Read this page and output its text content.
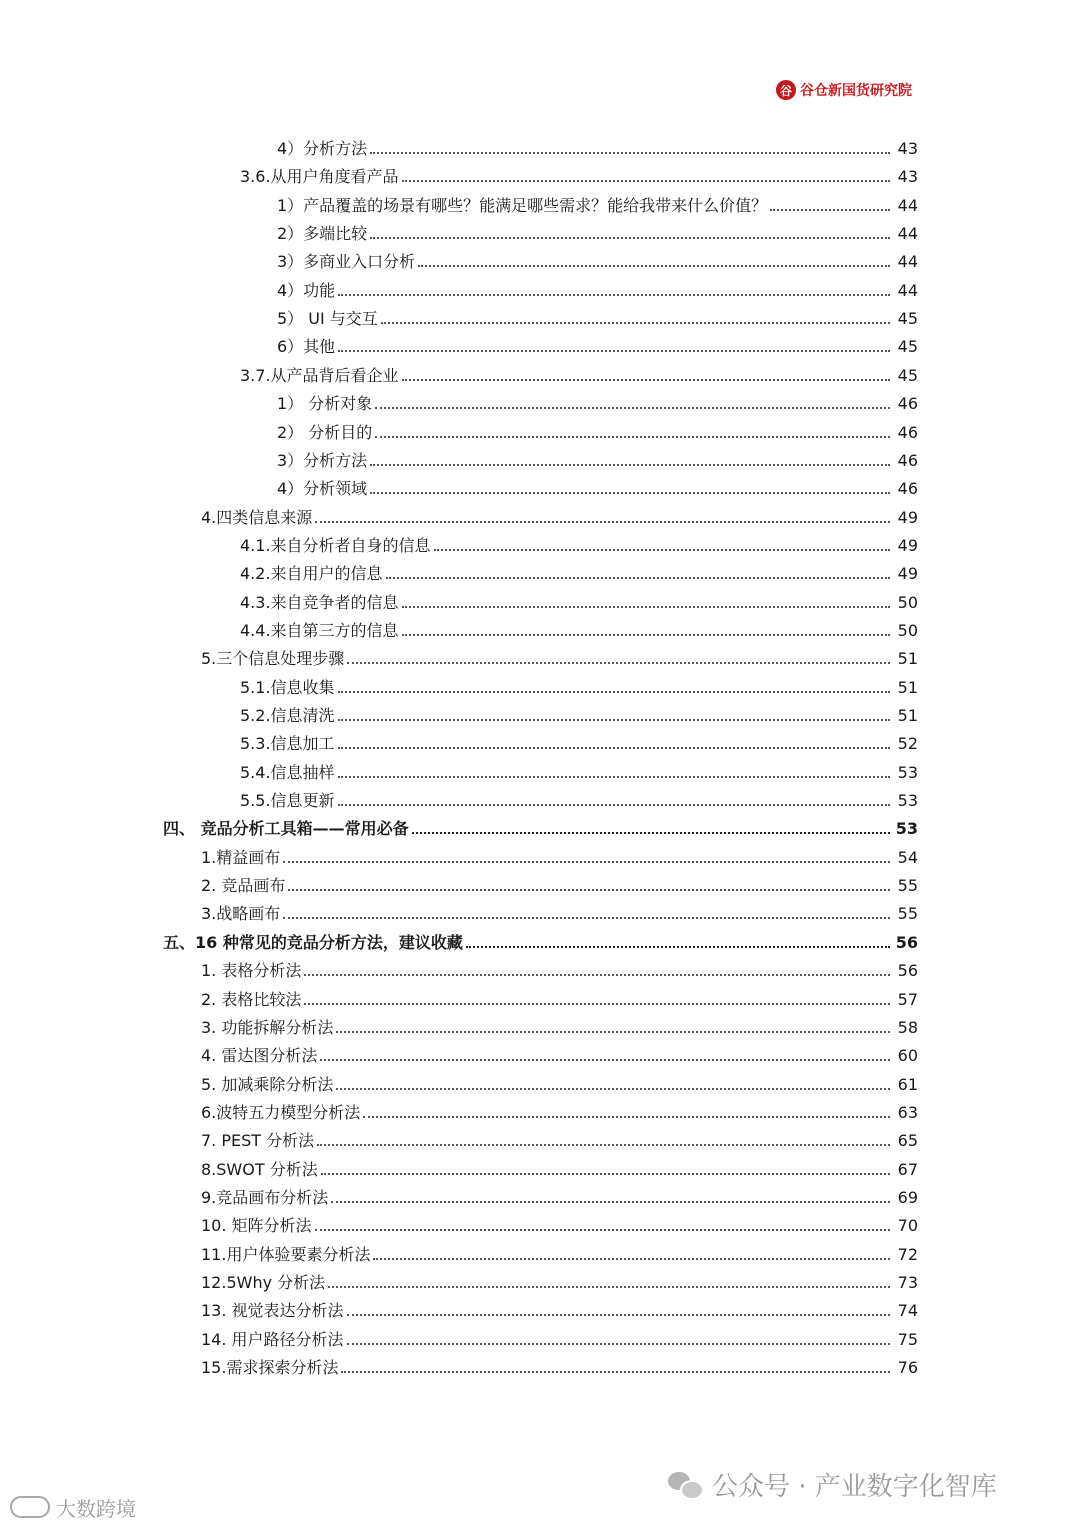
谷 谷仓新国货研究院
4）分析方法	43
3.6.从用户角度看产品	43
1）产品覆盖的场景有哪些？能满足哪些需求？能给我带来什么价值？	44
2）多端比较	44
3）多商业入口分析	44
4）功能	44
5） UI 与交互	45
6）其他	45
3.7.从产品背后看企业	45
1） 分析对象	46
2） 分析目的	46
3）分析方法	46
4）分析领域	46
4.四类信息来源	49
4.1.来自分析者自身的信息	49
4.2.来自用户的信息	49
4.3.来自竞争者的信息	50
4.4.来自第三方的信息	50
5.三个信息处理步骤	51
5.1.信息收集	51
5.2.信息清洗	51
5.3.信息加工	52
5.4.信息抽样	53
5.5.信息更新	53
四、 竞品分析工具箱——常用必备	53
1.精益画布	54
2. 竞品画布	55
3.战略画布	55
五、16 种常见的竞品分析方法，建议收藏	56
1. 表格分析法	56
2. 表格比较法	57
3. 功能拆解分析法	58
4. 雷达图分析法	60
5. 加减乘除分析法	61
6.波特五力模型分析法	63
7. PEST 分析法	65
8.SWOT 分析法	67
9.竞品画布分析法	69
10. 矩阵分析法	70
11.用户体验要素分析法	72
12.5Why 分析法	73
13. 视觉表达分析法	74
14. 用户路径分析法	75
15.需求探索分析法	76
公众号 · 产业数字化智库
大数跨境
